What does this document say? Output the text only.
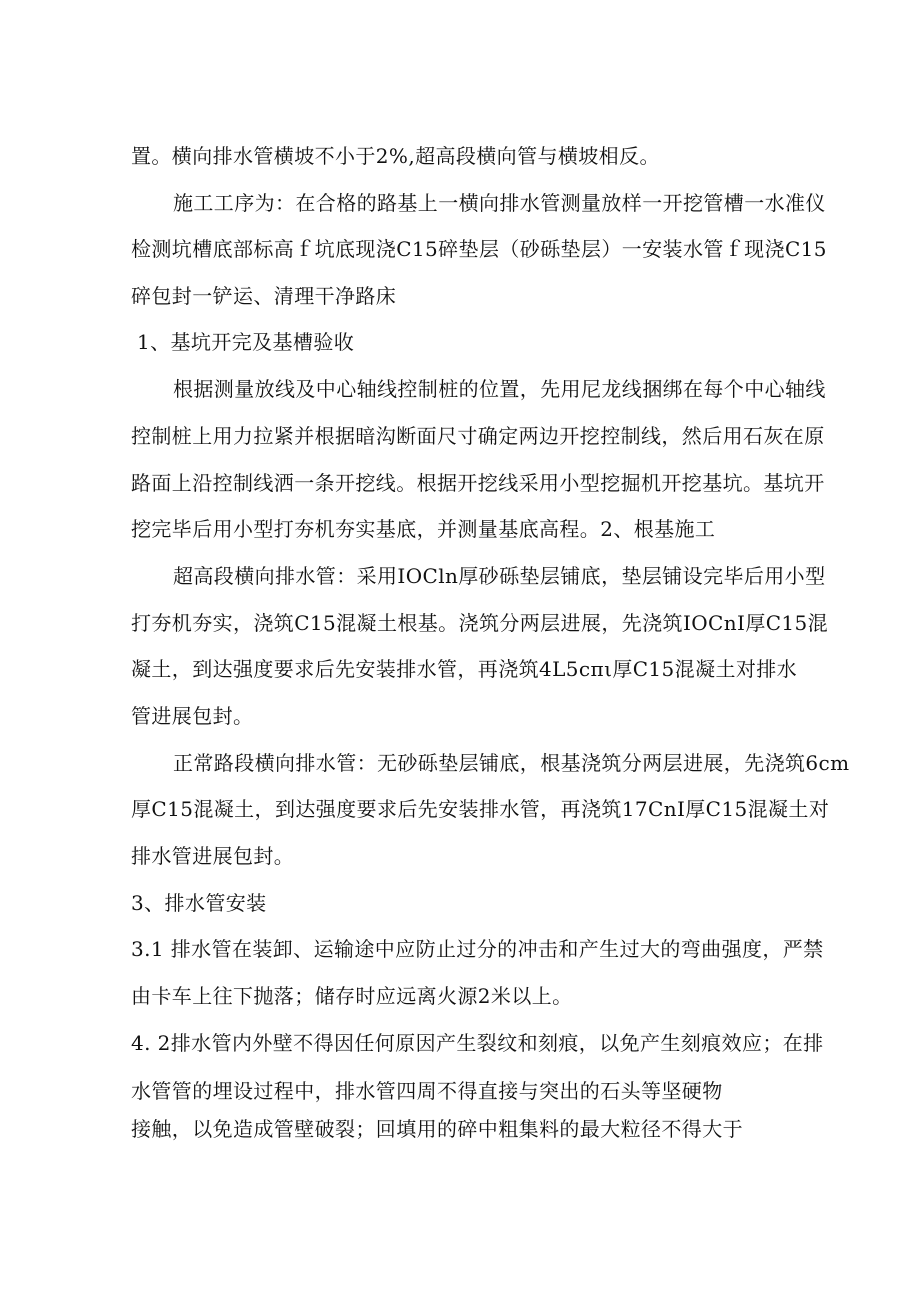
置。横向排水管横坡不小于2%,超高段横向管与横坡相反。
施工工序为：在合格的路基上一横向排水管测量放样一开挖管槽一水准仪
检测坑槽底部标高ｆ坑底现浇C15碎垫层（砂砾垫层）一安装水管ｆ现浇C15
碎包封一铲运、清理干净路床
1、基坑开完及基槽验收
根据测量放线及中心轴线控制桩的位置，先用尼龙线捆绑在每个中心轴线
控制桩上用力拉紧并根据暗沟断面尺寸确定两边开挖控制线，然后用石灰在原
路面上沿控制线洒一条开挖线。根据开挖线采用小型挖掘机开挖基坑。基坑开
挖完毕后用小型打夯机夯实基底，并测量基底高程。2、根基施工
超高段横向排水管：采用IOCln厚砂砾垫层铺底，垫层铺设完毕后用小型
打夯机夯实，浇筑C15混凝土根基。浇筑分两层进展，先浇筑IOCnI厚C15混
凝土，到达强度要求后先安装排水管，再浇筑4L5cπι厚C15混凝土对排水
管进展包封。
正常路段横向排水管：无砂砾垫层铺底，根基浇筑分两层进展，先浇筑6cm
厚C15混凝土，到达强度要求后先安装排水管，再浇筑17CnI厚C15混凝土对
排水管进展包封。
3、排水管安装
3.1 排水管在装卸、运输途中应防止过分的冲击和产生过大的弯曲强度，严禁
由卡车上往下抛落；储存时应远离火源2米以上。
4. 2排水管内外壁不得因任何原因产生裂纹和刻痕，以免产生刻痕效应；在排
水管管的埋设过程中，排水管四周不得直接与突出的石头等坚硬物
接触，以免造成管壁破裂；回填用的碎中粗集料的最大粒径不得大于
